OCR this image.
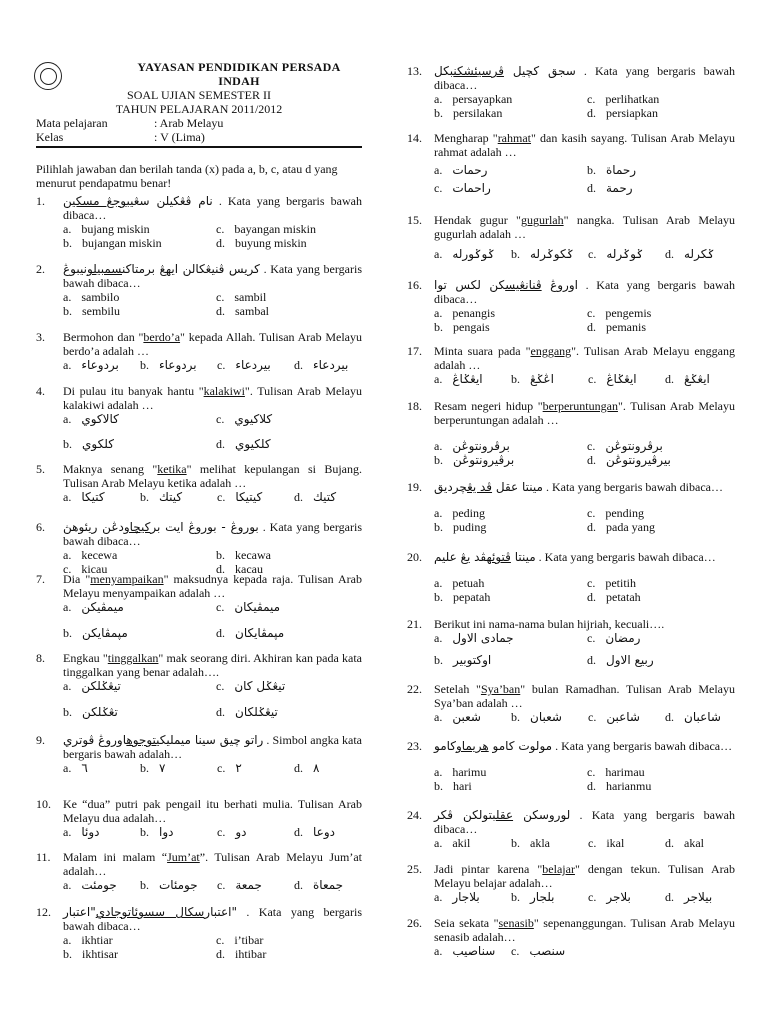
YAYASAN PENDIDIKAN PERSADA INDAH
SOAL UJIAN SEMESTER II
TAHUN PELAJARAN 2011/2012
Mata pelajaran	: Arab Melayu
Kelas	: V (Lima)
Pilihlah jawaban dan berilah tanda (x) pada a, b, c, atau d yang menurut pendapatmu benar!
1.	نام ڤڠكيلن سڠيبوجڠ مسكين	. Kata yang bergaris bawah dibaca…
a. bujang miskin	c. bayangan miskin
b. bujangan miskin	d. buyung miskin
2.	كريس ڤنيڠكالن ايهڠ برمتاكنسمبيلونيبوڠ	. Kata yang bergaris bawah dibaca…
a. sambilo	c. sambil
b. sembilu	d. sambal
3. Bermohon dan "berdo’a" kepada Allah. Tulisan Arab Melayu berdo’a adalah …
a. بردوعاء b. بردوعاء c. بيردعاء d. بيردعاء
4. Di pulau itu banyak hantu "kalakiwi". Tulisan Arab Melayu kalakiwi adalah …
a. كالاكوي	c. كلاكيوي
b. كلكوي	d. كلكيوي
5. Maknya senang "ketika" melihat kepulangan si Bujang. Tulisan Arab Melayu ketika adalah …
a. كتيكا	b. كيتك	c. كيتيكا	d. كتيك
6.	بوروڠ - بوروڠ ايت بركيچاودڠن ريئوهڽ	. Kata yang bergaris bawah dibaca…
a. kecewa	b. kecawa
c. kicau	d. kacau
7. Dia "menyampaikan" maksudnya kepada raja. Tulisan Arab Melayu menyampaikan adalah …
a. ميمڤيكن	c. ميمڤيكان
b. مڽمڤايكن	d. مڽمڤايكان
8. Engkau "tinggalkan" mak seorang diri. Akhiran kan pada kata tinggalkan yang benar adalah….
a. تيڠݢلكن	c. تيڠݢل كان
b. تڠݢلكن	d. تيڠݢلكان
9.	راتو چيق سينا ميمليكيتوجوهاوروڠ ڤوتري	. Simbol angka kata bergaris bawah adalah…
a. ٦	b. ٧	c. ٢	d. ٨
10. Ke “dua” putri pak pengail itu berhati mulia. Tulisan Arab Melayu dua adalah…
a. دوئا	b. دوا	c. دو	d. دوعا
11. Malam ini malam “Jum’at”. Tulisan Arab Melayu Jum’at adalah…
a. جومئت b. جومئات c. جمعة	d. جمعاة
12.	اعتبارسکال سسوئاتوجادي"اعتبار" . Kata yang bergaris bawah dibaca…
a. ikhtiar	c. i’tibar
b. ikhtisar	d. ihtibar
13.	سجق كچيل ڤرسيئشكنبكل	. Kata yang bergaris bawah dibaca…
a. persayapkan	c. perlihatkan
b. persilakan	d. persiapkan
14. Mengharap "rahmat" dan kasih sayang. Tulisan Arab Melayu rahmat adalah …
a. رحمات	b. رحماة
c. راحمات	d. رحمة
15. Hendak gugur "gugurlah" nangka. Tulisan Arab Melayu gugurlah adalah …
a. ݢوݢورله b. ݢکوݢرله c. ݢوݢرله d. ݢکرله
16.	اوروڠ ڤنانڠيسکن لکس توا	. Kata yang bergaris bawah dibaca…
a. penangis	c. pengemis
b. pengais	d. pemanis
17. Minta suara pada "enggang". Tulisan Arab Melayu enggang adalah …
a. ايڠݢاڠ b. اڠݢڠ	c. ايڠݢاڠ d. ايڠݢڠ
18. Resam negeri hidup "berperuntungan". Tulisan Arab Melayu berperuntungan adalah …
a. برڤرونتوڠن	c. برڤرونتوڠن
b. برڤيرونتوڠن	d. بيرڤيرونتوڠن
19.	مينتا عقل ڤد يڠچرديق	. Kata yang bergaris bawah dibaca…
a. peding	c. pending
b. puding	d. pada yang
20.	مينتا ڤتوئهڤد يڠ عليم	. Kata yang bergaris bawah dibaca…
a. petuah	c. petitih
b. pepatah	d. petatah
21. Berikut ini nama-nama bulan hijriah, kecuali….
a. جمادى الاول	c. رمضان
b. اوكتوبير	d. ربيع الاول
22. Setelah "Sya’ban" bulan Ramadhan. Tulisan Arab Melayu Sya’ban adalah …
a. شعبن	b. شعبان c. شاعبن d. شاعبان
23.	مولوت كامو هريماوكامو	. Kata yang bergaris bawah dibaca…
a. harimu	c. harimau
b. hari	d. harianmu
24.	لوروسكن عقلبتولكن ڤكر	. Kata yang bergaris bawah dibaca…
a. akil	b. akla	c. ikal	d. akal
25. Jadi pintar karena "belajar" dengan tekun. Tulisan Arab Melayu belajar adalah…
a. بلاجار	b. بلجار	c. بلاجر	d. بيلاجر
26. Seia sekata "senasib" sepenanggungan. Tulisan Arab Melayu senasib adalah…
a. سناصيب c. سنصب
